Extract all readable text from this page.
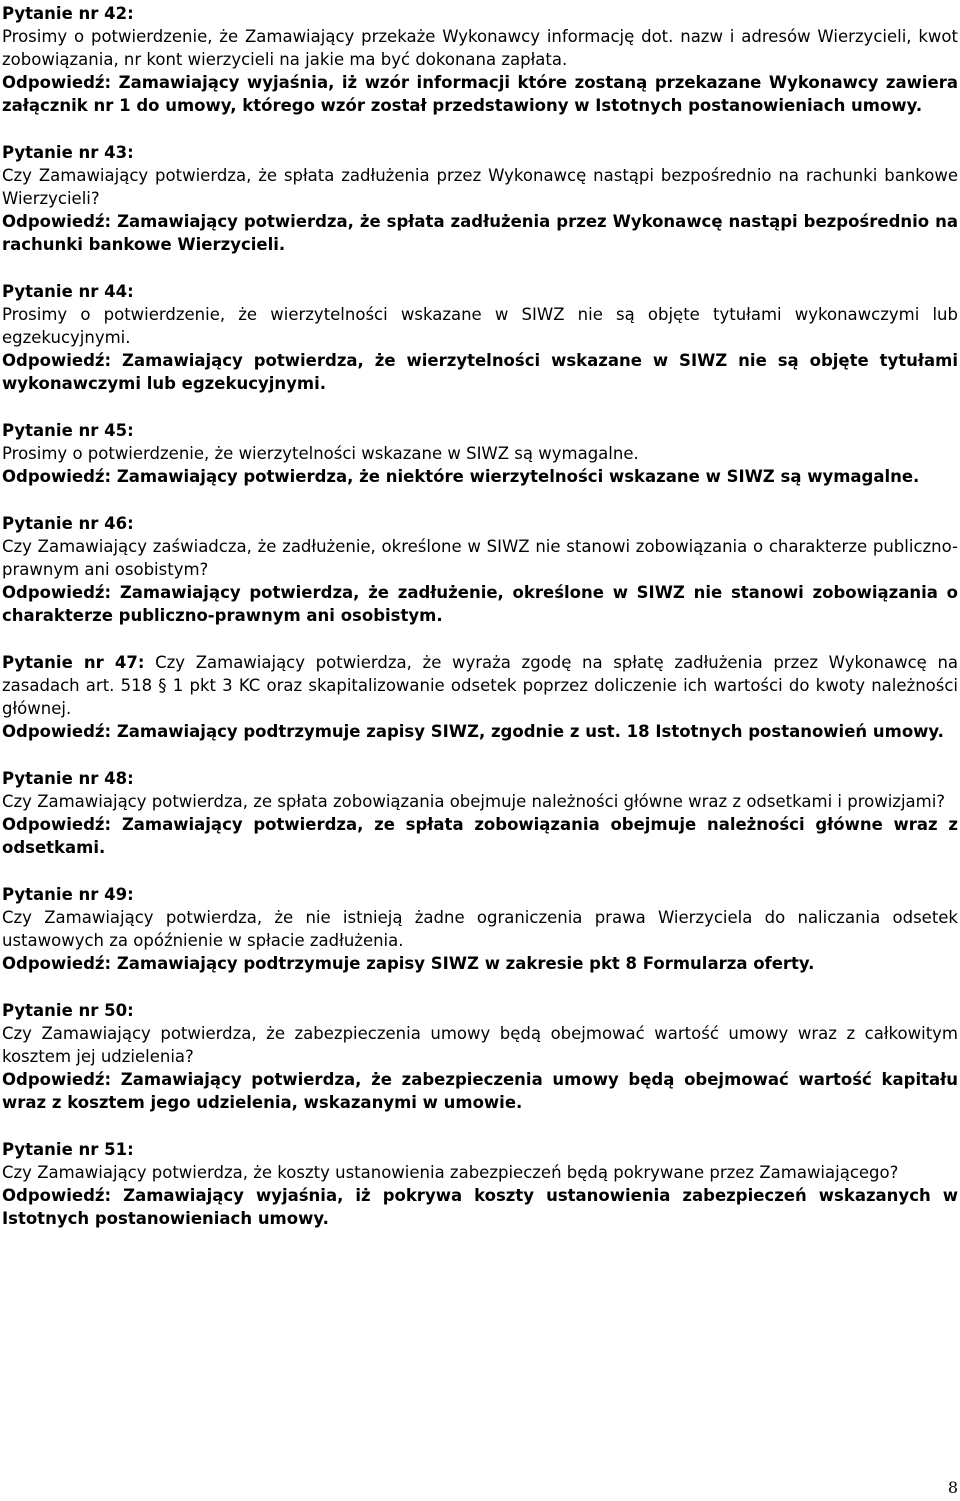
Pytanie nr 42:

Prosimy o potwierdzenie, że Zamawiający przekaże Wykonawcy informację dot. nazw i adresów Wierzycieli, kwot zobowiązania, nr kont wierzycieli na jakie ma być dokonana zapłata.

Odpowiedź: Zamawiający wyjaśnia, iż wzór informacji które zostaną przekazane Wykonawcy zawiera załącznik nr 1 do umowy, którego wzór został przedstawiony w Istotnych postanowieniach umowy.

Pytanie nr 43:

Czy Zamawiający potwierdza, że spłata zadłużenia przez Wykonawcę nastąpi bezpośrednio na rachunki bankowe Wierzycieli?

Odpowiedź: Zamawiający potwierdza, że spłata zadłużenia przez Wykonawcę nastąpi bezpośrednio na rachunki bankowe Wierzycieli.

Pytanie nr 44:

Prosimy o potwierdzenie, że wierzytelności wskazane w SIWZ nie są objęte tytułami wykonawczymi lub egzekucyjnymi.

Odpowiedź: Zamawiający potwierdza, że wierzytelności wskazane w SIWZ nie są objęte tytułami wykonawczymi lub egzekucyjnymi.

Pytanie nr 45:

Prosimy o potwierdzenie, że wierzytelności wskazane w SIWZ są wymagalne.

Odpowiedź: Zamawiający potwierdza, że niektóre wierzytelności wskazane w SIWZ są wymagalne.

Pytanie nr 46:

Czy Zamawiający zaświadcza, że zadłużenie, określone w SIWZ nie stanowi zobowiązania o charakterze publiczno-prawnym ani osobistym?

Odpowiedź: Zamawiający potwierdza, że zadłużenie, określone w SIWZ nie stanowi zobowiązania o charakterze publiczno-prawnym ani osobistym.

Pytanie nr 47: Czy Zamawiający potwierdza, że wyraża zgodę na spłatę zadłużenia przez Wykonawcę na zasadach art. 518 § 1 pkt 3 KC oraz skapitalizowanie odsetek poprzez doliczenie ich wartości do kwoty należności głównej.

Odpowiedź: Zamawiający podtrzymuje zapisy SIWZ, zgodnie z ust. 18 Istotnych postanowień umowy.

Pytanie nr 48:

Czy Zamawiający potwierdza, ze spłata zobowiązania obejmuje należności główne wraz z odsetkami i prowizjami?

Odpowiedź: Zamawiający potwierdza, ze spłata zobowiązania obejmuje należności główne wraz z odsetkami.

Pytanie nr 49:

Czy Zamawiający potwierdza, że nie istnieją żadne ograniczenia prawa Wierzyciela do naliczania odsetek ustawowych za opóźnienie w spłacie zadłużenia.

Odpowiedź: Zamawiający podtrzymuje zapisy SIWZ w zakresie pkt 8 Formularza oferty.

Pytanie nr 50:

Czy Zamawiający potwierdza, że zabezpieczenia umowy będą obejmować wartość umowy wraz z całkowitym kosztem jej udzielenia?

Odpowiedź: Zamawiający potwierdza, że zabezpieczenia umowy będą obejmować wartość kapitału wraz z kosztem jego udzielenia, wskazanymi w umowie.

Pytanie nr 51:

Czy Zamawiający potwierdza, że koszty ustanowienia zabezpieczeń będą pokrywane przez Zamawiającego?

Odpowiedź: Zamawiający wyjaśnia, iż pokrywa koszty ustanowienia zabezpieczeń wskazanych w Istotnych postanowieniach umowy.

8
